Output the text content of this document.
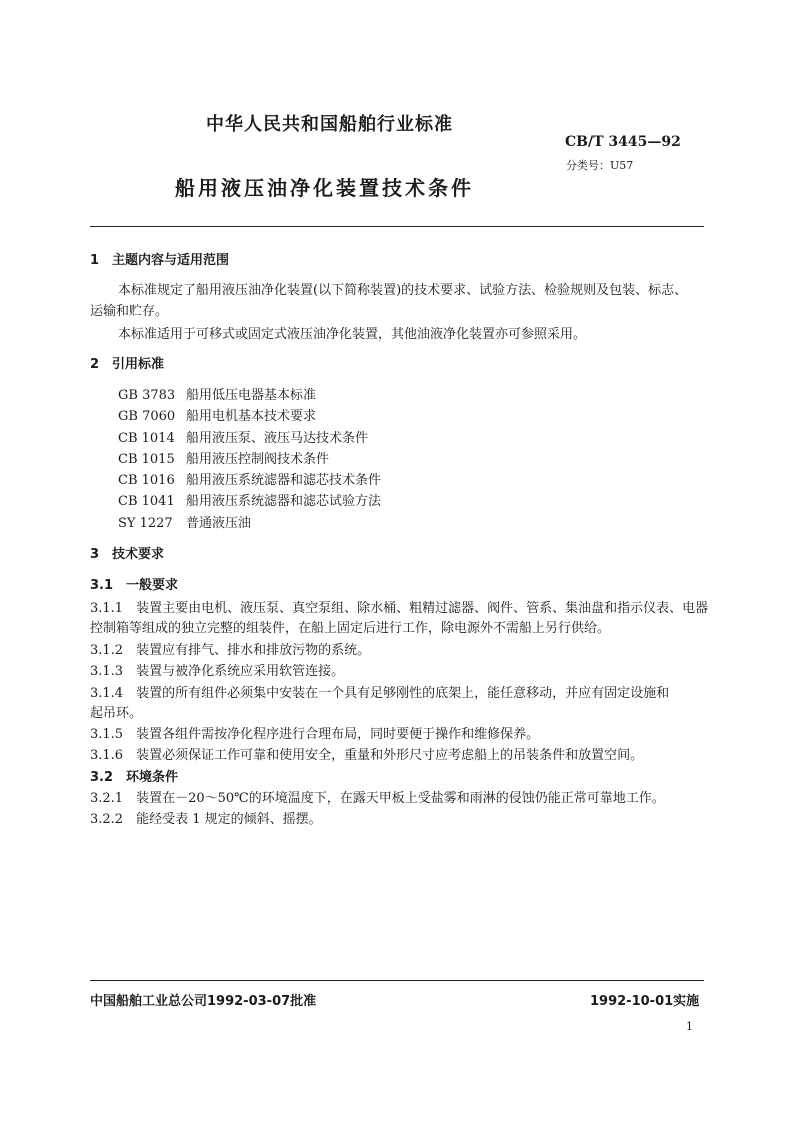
中华人民共和国船舶行业标准
CB/T 3445—92
分类号：U57
船用液压油净化装置技术条件
1　主题内容与适用范围
本标准规定了船用液压油净化装置(以下简称装置)的技术要求、试验方法、检验规则及包装、标志、
运输和贮存。
本标准适用于可移式或固定式液压油净化装置，其他油液净化装置亦可参照采用。
2　引用标准
GB 3783 船用低压电器基本标准
GB 7060 船用电机基本技术要求
CB 1014 船用液压泵、液压马达技术条件
CB 1015 船用液压控制阀技术条件
CB 1016 船用液压系统滤器和滤芯技术条件
CB 1041 船用液压系统滤器和滤芯试验方法
SY 1227 普通液压油
3　技术要求
3.1　一般要求
3.1.1　装置主要由电机、液压泵、真空泵组、除水桶、粗精过滤器、阀件、管系、集油盘和指示仪表、电器
控制箱等组成的独立完整的组装件，在船上固定后进行工作，除电源外不需船上另行供给。
3.1.2　装置应有排气、排水和排放污物的系统。
3.1.3　装置与被净化系统应采用软管连接。
3.1.4　装置的所有组件必须集中安装在一个具有足够刚性的底架上，能任意移动，并应有固定设施和
起吊环。
3.1.5　装置各组件需按净化程序进行合理布局，同时要便于操作和维修保养。
3.1.6　装置必须保证工作可靠和使用安全，重量和外形尺寸应考虑船上的吊装条件和放置空间。
3.2　环境条件
3.2.1　装置在－20～50℃的环境温度下，在露天甲板上受盐雾和雨淋的侵蚀仍能正常可靠地工作。
3.2.2　能经受表 1 规定的倾斜、摇摆。
中国船舶工业总公司1992-03-07批准	1992-10-01实施
1
